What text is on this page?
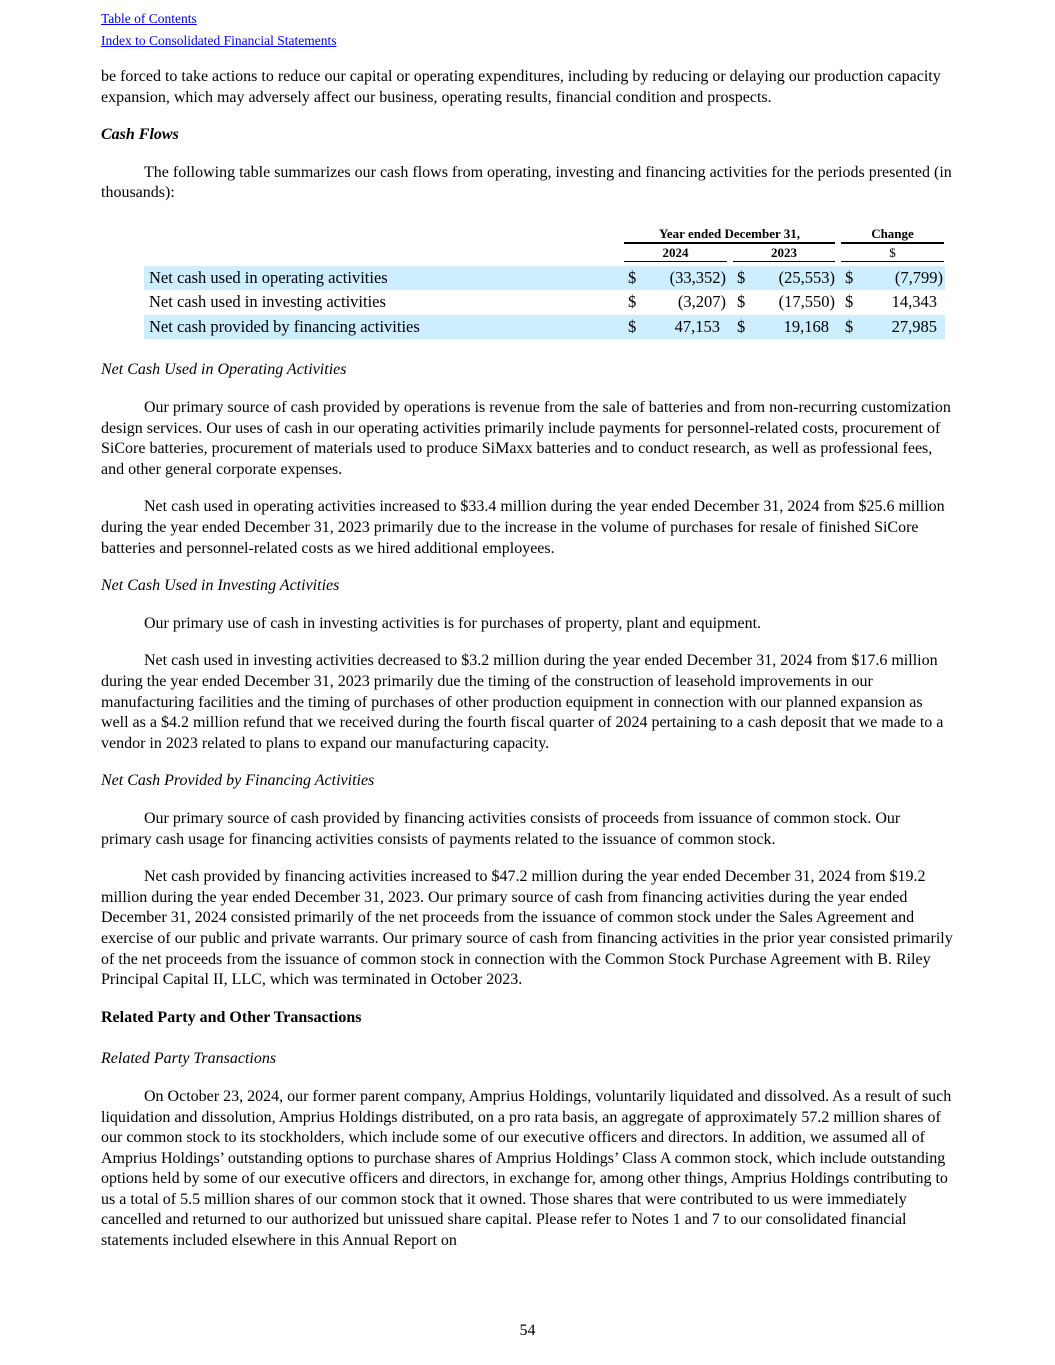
Table of Contents
Index to Consolidated Financial Statements

be forced to take actions to reduce our capital or operating expenditures, including by reducing or delaying our production capacity expansion, which may adversely affect our business, operating results, financial condition and prospects.

Cash Flows

The following table summarizes our cash flows from operating, investing and financing activities for the periods presented (in thousands):

Year ended December 31,	Change
2024	2023	$
Net cash used in operating activities	$	(33,352) $	(25,553) $	(7,799)
Net cash used in investing activities	$	(3,207) $	(17,550) $	14,343
Net cash provided by financing activities	$	47,153 $	19,168 $	27,985

Net Cash Used in Operating Activities

Our primary source of cash provided by operations is revenue from the sale of batteries and from non-recurring customization design services. Our uses of cash in our operating activities primarily include payments for personnel-related costs, procurement of SiCore batteries, procurement of materials used to produce SiMaxx batteries and to conduct research, as well as professional fees, and other general corporate expenses.

Net cash used in operating activities increased to $33.4 million during the year ended December 31, 2024 from $25.6 million during the year ended December 31, 2023 primarily due to the increase in the volume of purchases for resale of finished SiCore batteries and personnel-related costs as we hired additional employees.

Net Cash Used in Investing Activities

Our primary use of cash in investing activities is for purchases of property, plant and equipment.

Net cash used in investing activities decreased to $3.2 million during the year ended December 31, 2024 from $17.6 million during the year ended December 31, 2023 primarily due the timing of the construction of leasehold improvements in our manufacturing facilities and the timing of purchases of other production equipment in connection with our planned expansion as well as a $4.2 million refund that we received during the fourth fiscal quarter of 2024 pertaining to a cash deposit that we made to a vendor in 2023 related to plans to expand our manufacturing capacity.

Net Cash Provided by Financing Activities

Our primary source of cash provided by financing activities consists of proceeds from issuance of common stock. Our primary cash usage for financing activities consists of payments related to the issuance of common stock.

Net cash provided by financing activities increased to $47.2 million during the year ended December 31, 2024 from $19.2 million during the year ended December 31, 2023. Our primary source of cash from financing activities during the year ended December 31, 2024 consisted primarily of the net proceeds from the issuance of common stock under the Sales Agreement and exercise of our public and private warrants. Our primary source of cash from financing activities in the prior year consisted primarily of the net proceeds from the issuance of common stock in connection with the Common Stock Purchase Agreement with B. Riley Principal Capital II, LLC, which was terminated in October 2023.

Related Party and Other Transactions

Related Party Transactions

On October 23, 2024, our former parent company, Amprius Holdings, voluntarily liquidated and dissolved. As a result of such liquidation and dissolution, Amprius Holdings distributed, on a pro rata basis, an aggregate of approximately 57.2 million shares of our common stock to its stockholders, which include some of our executive officers and directors. In addition, we assumed all of Amprius Holdings’ outstanding options to purchase shares of Amprius Holdings’ Class A common stock, which include outstanding options held by some of our executive officers and directors, in exchange for, among other things, Amprius Holdings contributing to us a total of 5.5 million shares of our common stock that it owned. Those shares that were contributed to us were immediately cancelled and returned to our authorized but unissued share capital. Please refer to Notes 1 and 7 to our consolidated financial statements included elsewhere in this Annual Report on

54
